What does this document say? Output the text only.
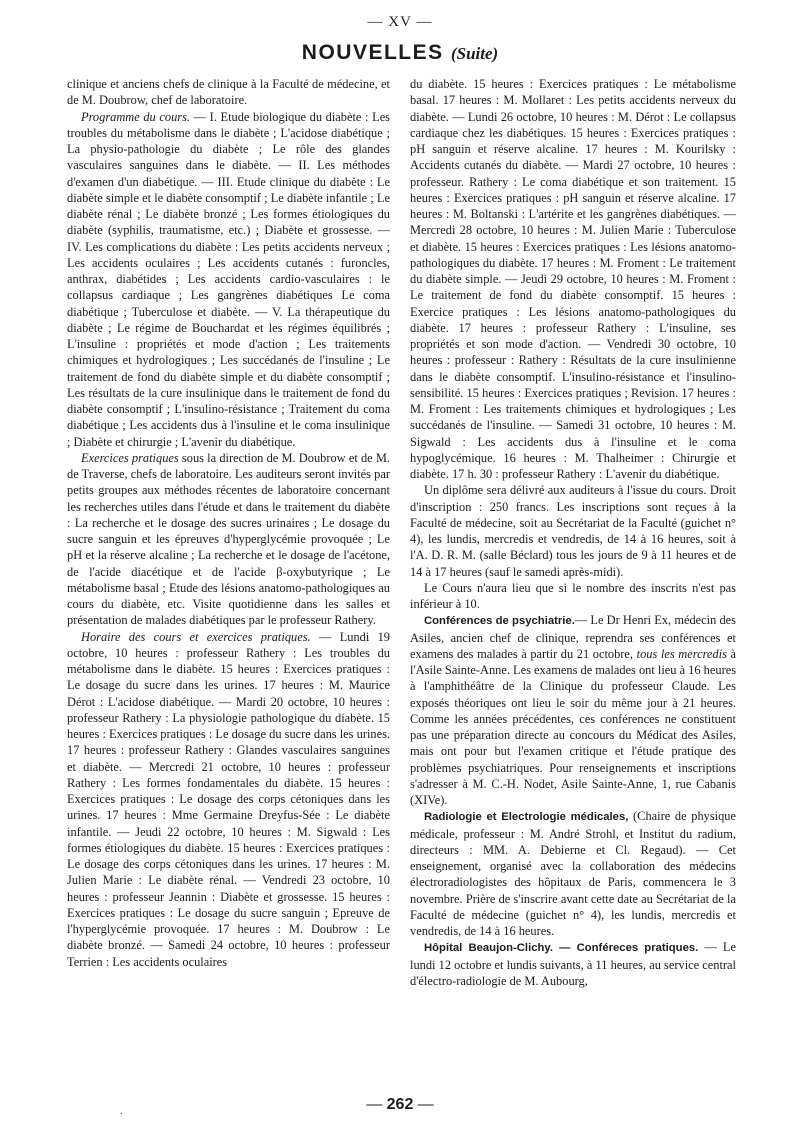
— XV —
NOUVELLES (Suite)

clinique et anciens chefs de clinique à la Faculté de médecine, et de M. Doubrow, chef de laboratoire.

Programme du cours. — I. Etude biologique du diabète : Les troubles du métabolisme dans le diabète ; L'acidose diabétique ; La physio-pathologie du diabète ; Le rôle des glandes vasculaires sanguines dans le diabète. — II. Les méthodes d'examen d'un diabétique. — III. Etude clinique du diabète : Le diabète simple et le diabète consomptif ; Le diabète infantile ; Le diabète rénal ; Le diabète bronzé ; Les formes étiologiques du diabète (syphilis, traumatisme, etc.) ; Diabète et grossesse. — IV. Les complications du diabète : Les petits accidents nerveux ; Les accidents oculaires ; Les accidents cutanés : furoncles, anthrax, diabétides ; Les accidents cardio-vasculaires : le collapsus cardiaque ; Les gangrènes diabétiques Le coma diabétique ; Tuberculose et diabète. — V. La thérapeutique du diabète ; Le régime de Bouchardat et les régimes équilibrés ; L'insuline : propriétés et mode d'action ; Les traitements chimiques et hydrologiques ; Les succédanés de l'insuline ; Le traitement de fond du diabète simple et du diabète consomptif ; Les résultats de la cure insulinique dans le traitement de fond du diabète consomptif ; L'insulino-résistance ; Traitement du coma diabétique ; Les accidents dus à l'insuline et le coma insulinique ; Diabète et chirurgie ; L'avenir du diabétique.

Exercices pratiques sous la direction de M. Doubrow et de M. de Traverse, chefs de laboratoire. Les auditeurs seront invités par petits groupes aux méthodes récentes de laboratoire concernant les recherches utiles dans l'étude et dans le traitement du diabète : La recherche et le dosage des sucres urinaires ; Le dosage du sucre sanguin et les épreuves d'hyperglycémie provoquée ; Le pH et la réserve alcaline ; La recherche et le dosage de l'acétone, de l'acide diacétique et de l'acide β-oxybutyrique ; Le métabolisme basal ; Etude des lésions anatomo-pathologiques au cours du diabète, etc. Visite quotidienne dans les salles et présentation de malades diabétiques par le professeur Rathery.

Horaire des cours et exercices pratiques. — Lundi 19 octobre, 10 heures : professeur Rathery : Les troubles du métabolisme dans le diabète. 15 heures : Exercices pratiques : Le dosage du sucre dans les urines. 17 heures : M. Maurice Dérot : L'acidose diabétique. — Mardi 20 octobre, 10 heures : professeur Rathery : La physiologie pathologique du diabète. 15 heures : Exercices pratiques : Le dosage du sucre dans les urines. 17 heures : professeur Rathery : Glandes vasculaires sanguines et diabète. — Mercredi 21 octobre, 10 heures : professeur Rathery : Les formes fondamentales du diabète. 15 heures : Exercices pratiques : Le dosage des corps cétoniques dans les urines. 17 heures : Mme Germaine Dreyfus-Sée : Le diabète infantile. — Jeudi 22 octobre, 10 heures : M. Sigwald : Les formes étiologiques du diabète. 15 heures : Exercices pratiques : Le dosage des corps cétoniques dans les urines. 17 heures : M. Julien Marie : Le diabète rénal. — Vendredi 23 octobre, 10 heures : professeur Jeannin : Diabète et grossesse. 15 heures : Exercices pratiques : Le dosage du sucre sanguin ; Epreuve de l'hyperglycémie provoquée. 17 heures : M. Doubrow : Le diabète bronzé. — Samedi 24 octobre, 10 heures : professeur Terrien : Les accidents oculaires

du diabète. 15 heures : Exercices pratiques : Le métabolisme basal. 17 heures : M. Mollaret : Les petits accidents nerveux du diabète. — Lundi 26 octobre, 10 heures : M. Dérot : Le collapsus cardiaque chez les diabétiques. 15 heures : Exercices pratiques : pH sanguin et réserve alcaline. 17 heures : M. Kourilsky : Accidents cutanés du diabète. — Mardi 27 octobre, 10 heures : professeur. Rathery : Le coma diabétique et son traitement. 15 heures : Exercices pratiques : pH sanguin et réserve alcaline. 17 heures : M. Boltanski : L'artérite et les gangrènes diabétiques. — Mercredi 28 octobre, 10 heures : M. Julien Marie : Tuberculose et diabète. 15 heures : Exercices pratiques : Les lésions anatomo-pathologiques du diabète. 17 heures : M. Froment : Le traitement du diabète simple. — Jeudi 29 octobre, 10 heures : M. Froment : Le traitement de fond du diabète consomptif. 15 heures : Exercice pratiques : Les lésions anatomo-pathologiques du diabète. 17 heures : professeur Rathery : L'insuline, ses propriétés et son mode d'action. — Vendredi 30 octobre, 10 heures : professeur : Rathery : Résultats de la cure insulinienne dans le diabète consomptif. L'insulino-résistance et l'insulino-sensibilité. 15 heures : Exercices pratiques ; Revision. 17 heures : M. Froment : Les traitements chimiques et hydrologiques ; Les succédanés de l'insuline. — Samedi 31 octobre, 10 heures : M. Sigwald : Les accidents dus à l'insuline et le coma hypoglycémique. 16 heures : M. Thalheimer : Chirurgie et diabète. 17 h. 30 : professeur Rathery : L'avenir du diabétique.

Un diplôme sera délivré aux auditeurs à l'issue du cours. Droit d'inscription : 250 francs. Les inscriptions sont reçues à la Faculté de médecine, soit au Secrétariat de la Faculté (guichet n° 4), les lundis, mercredis et vendredis, de 14 à 16 heures, soit à l'A. D. R. M. (salle Béclard) tous les jours de 9 à 11 heures et de 14 à 17 heures (sauf le samedi après-midi).

Le Cours n'aura lieu que si le nombre des inscrits n'est pas inférieur à 10.

Conférences de psychiatrie.— Le Dr Henri Ex, médecin des Asiles, ancien chef de clinique, reprendra ses conférences et examens des malades à partir du 21 octobre, tous les mercredis à l'Asile Sainte-Anne. Les examens de malades ont lieu à 16 heures à l'amphithéâtre de la Clinique du professeur Claude. Les exposés théoriques ont lieu le soir du même jour à 21 heures. Comme les années précédentes, ces conférences ne constituent pas une préparation directe au concours du Médicat des Asiles, mais ont pour but l'examen critique et l'étude pratique des problèmes psychiatriques. Pour renseignements et inscriptions s'adresser à M. C.-H. Nodet, Asile Sainte-Anne, 1, rue Cabanis (XIVe).

Radiologie et Electrologie médicales, (Chaire de physique médicale, professeur : M. André Strohl, et Institut du radium, directeurs : MM. A. Debierne et Cl. Regaud). — Cet enseignement, organisé avec la collaboration des médecins électroradiologistes des hôpitaux de Paris, commencera le 3 novembre. Prière de s'inscrire avant cette date au Secrétariat de la Faculté de médecine (guichet n° 4), les lundis, mercredis et vendredis, de 14 à 16 heures.

Hôpital Beaujon-Clichy. — Conféreces pratiques. — Le lundi 12 octobre et lundis suivants, à 11 heures, au service central d'électro-radiologie de M. Aubourg,

.	— 262 —
